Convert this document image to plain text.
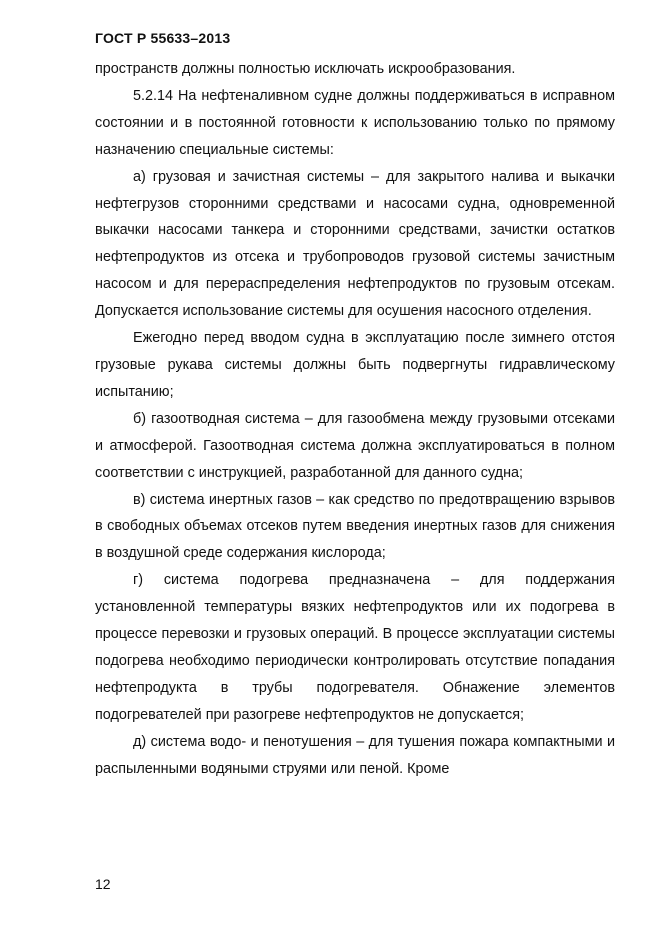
ГОСТ Р 55633–2013

пространств должны полностью исключать искрообразования.

5.2.14 На нефтеналивном судне должны поддерживаться в исправном состоянии и в постоянной готовности к использованию только по прямому назначению специальные системы:

а) грузовая и зачистная системы – для закрытого налива и выкачки нефтегрузов сторонними средствами и насосами судна, одновременной выкачки насосами танкера и сторонними средствами, зачистки остатков нефтепродуктов из отсека и трубопроводов грузовой системы зачистным насосом и для перераспределения нефтепродуктов по грузовым отсекам. Допускается использование системы для осушения насосного отделения.

Ежегодно перед вводом судна в эксплуатацию после зимнего отстоя грузовые рукава системы должны быть подвергнуты гидравлическому испытанию;

б) газоотводная система – для газообмена между грузовыми отсеками и атмосферой. Газоотводная система должна эксплуатироваться в полном соответствии с инструкцией, разработанной для данного судна;

в) система инертных газов – как средство по предотвращению взрывов в свободных объемах отсеков путем введения инертных газов для снижения в воздушной среде содержания кислорода;

г) система подогрева предназначена – для поддержания установленной температуры вязких нефтепродуктов или их подогрева в процессе перевозки и грузовых операций. В процессе эксплуатации системы подогрева необходимо периодически контролировать отсутствие попадания нефтепродукта в трубы подогревателя. Обнажение элементов подогревателей при разогреве нефтепродуктов не допускается;

д) система водо- и пенотушения – для тушения пожара компактными и распыленными водяными струями или пеной. Кроме

12
